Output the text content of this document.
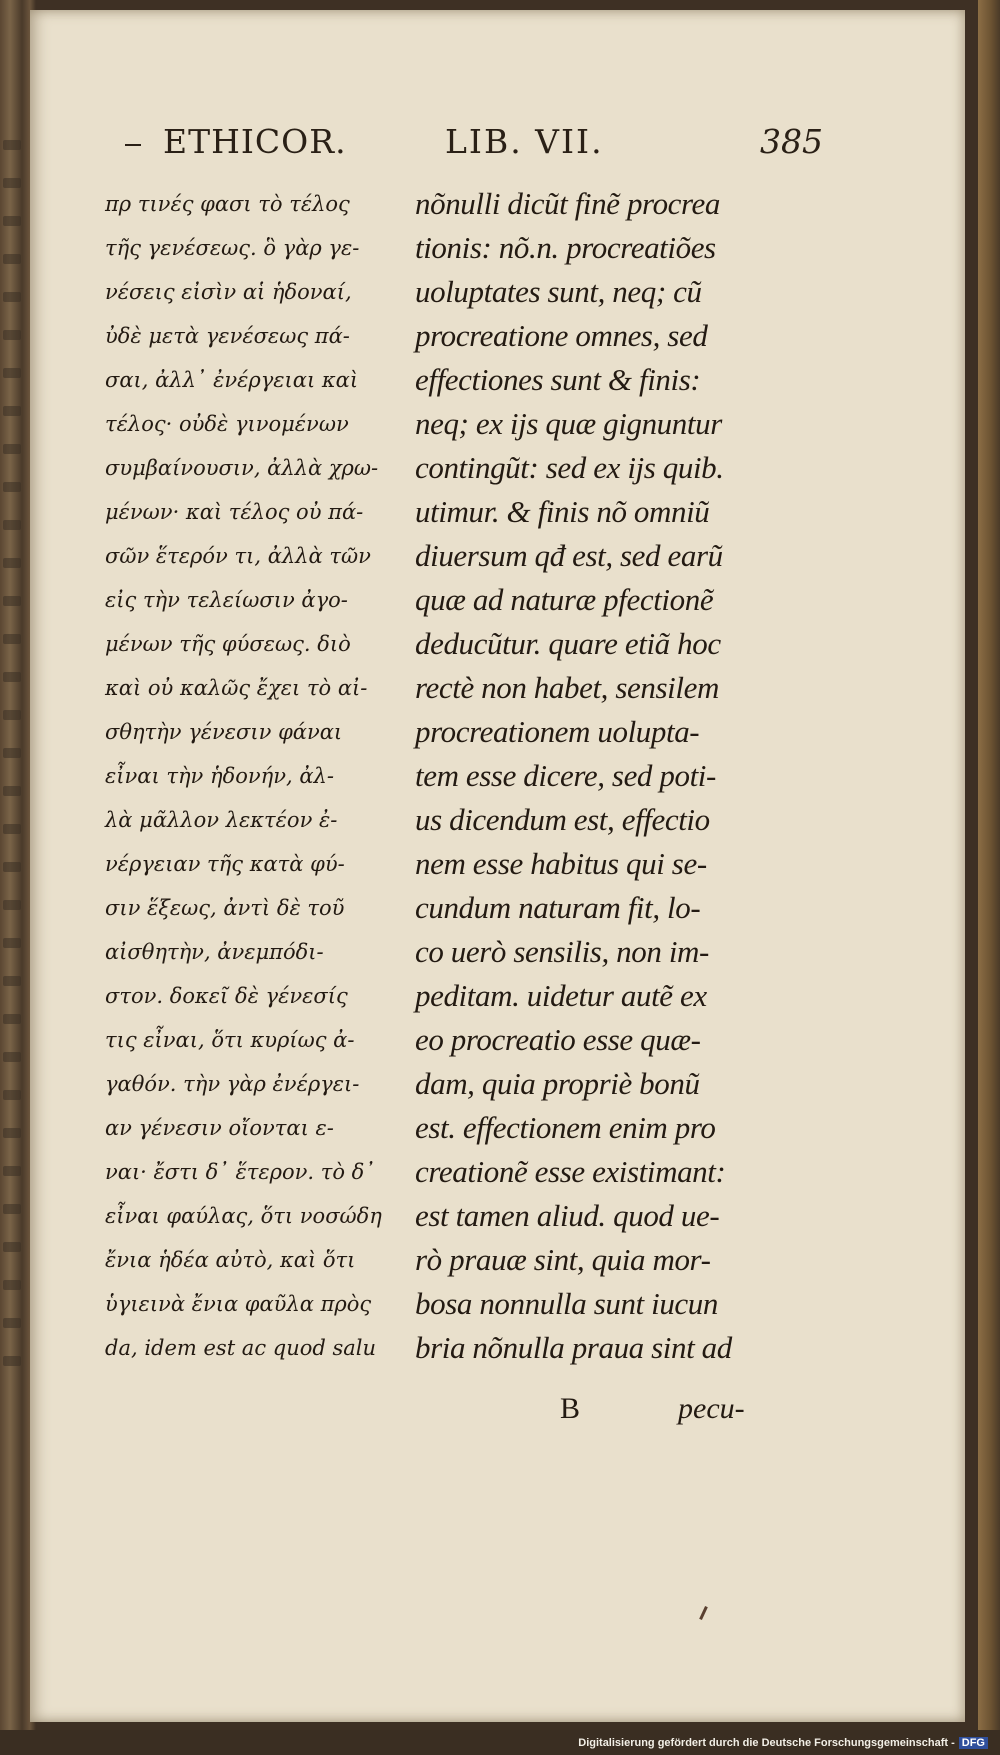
ETHICOR.	LIB. VII.	385
πρ τινές φασι τὸ τέλος
τῆς γενέσεως. ὃ γὰρ γε-
νέσεις εἰσὶν αἱ ἡδοναί,
ὐδὲ μετὰ γενέσεως πά-
σαι, ἀλλ᾽ ἐνέργειαι καὶ
τέλος· οὐδὲ γινομένων
συμβαίνουσιν, ἀλλὰ χρω-
μένων· καὶ τέλος οὐ πά-
σῶν ἕτερόν τι, ἀλλὰ τῶν
εἰς τὴν τελείωσιν ἀγο-
μένων τῆς φύσεως. διὸ
καὶ οὐ καλῶς ἔχει τὸ αἰ-
σθητὴν γένεσιν φάναι
εἶναι τὴν ἡδονήν, ἀλ-
λὰ μᾶλλον λεκτέον ἐ-
νέργειαν τῆς κατὰ φύ-
σιν ἕξεως, ἀντὶ δὲ τοῦ
αἰσθητὴν, ἀνεμπόδι-
στον. δοκεῖ δὲ γένεσίς
τις εἶναι, ὅτι κυρίως ἀ-
γαθόν. τὴν γὰρ ἐνέργει-
αν γένεσιν οἴονται ε-
ναι· ἔστι δ᾽ ἕτερον. τὸ δ᾽
εἶναι φαύλας, ὅτι νοσώδη
ἔνια ἡδέα αὐτὸ, καὶ ὅτι
ὑγιεινὰ ἔνια φαῦλα πρὸς
da, idem est ac quod salu
nõnulli dicũt finẽ procrea
tionis: nõ.n. procreatiões
uoluptates sunt, neq; cũ
procreatione omnes, sed
effectiones sunt & finis:
neq; ex ijs quæ gignuntur
contingũt: sed ex ijs quib.
utimur. & finis nõ omniũ
diuersum qđ est, sed earũ
quæ ad naturæ pfectionẽ
deducũtur. quare etiã hoc
rectè non habet, sensilem
procreationem uolupta-
tem esse dicere, sed poti-
us dicendum est, effectio
nem esse habitus qui se-
cundum naturam fit, lo-
co uerò sensilis, non im-
peditam. uidetur autẽ ex
eo procreatio esse quæ-
dam, quia propriè bonũ
est. effectionem enim pro
creationẽ esse existimant:
est tamen aliud. quod ue-
rò prauæ sint, quia mor-
bosa nonnulla sunt iucun
bria nõnulla praua sint ad
B	pecu-
Digitalisierung gefördert durch die Deutsche Forschungsgemeinschaft - DFG
